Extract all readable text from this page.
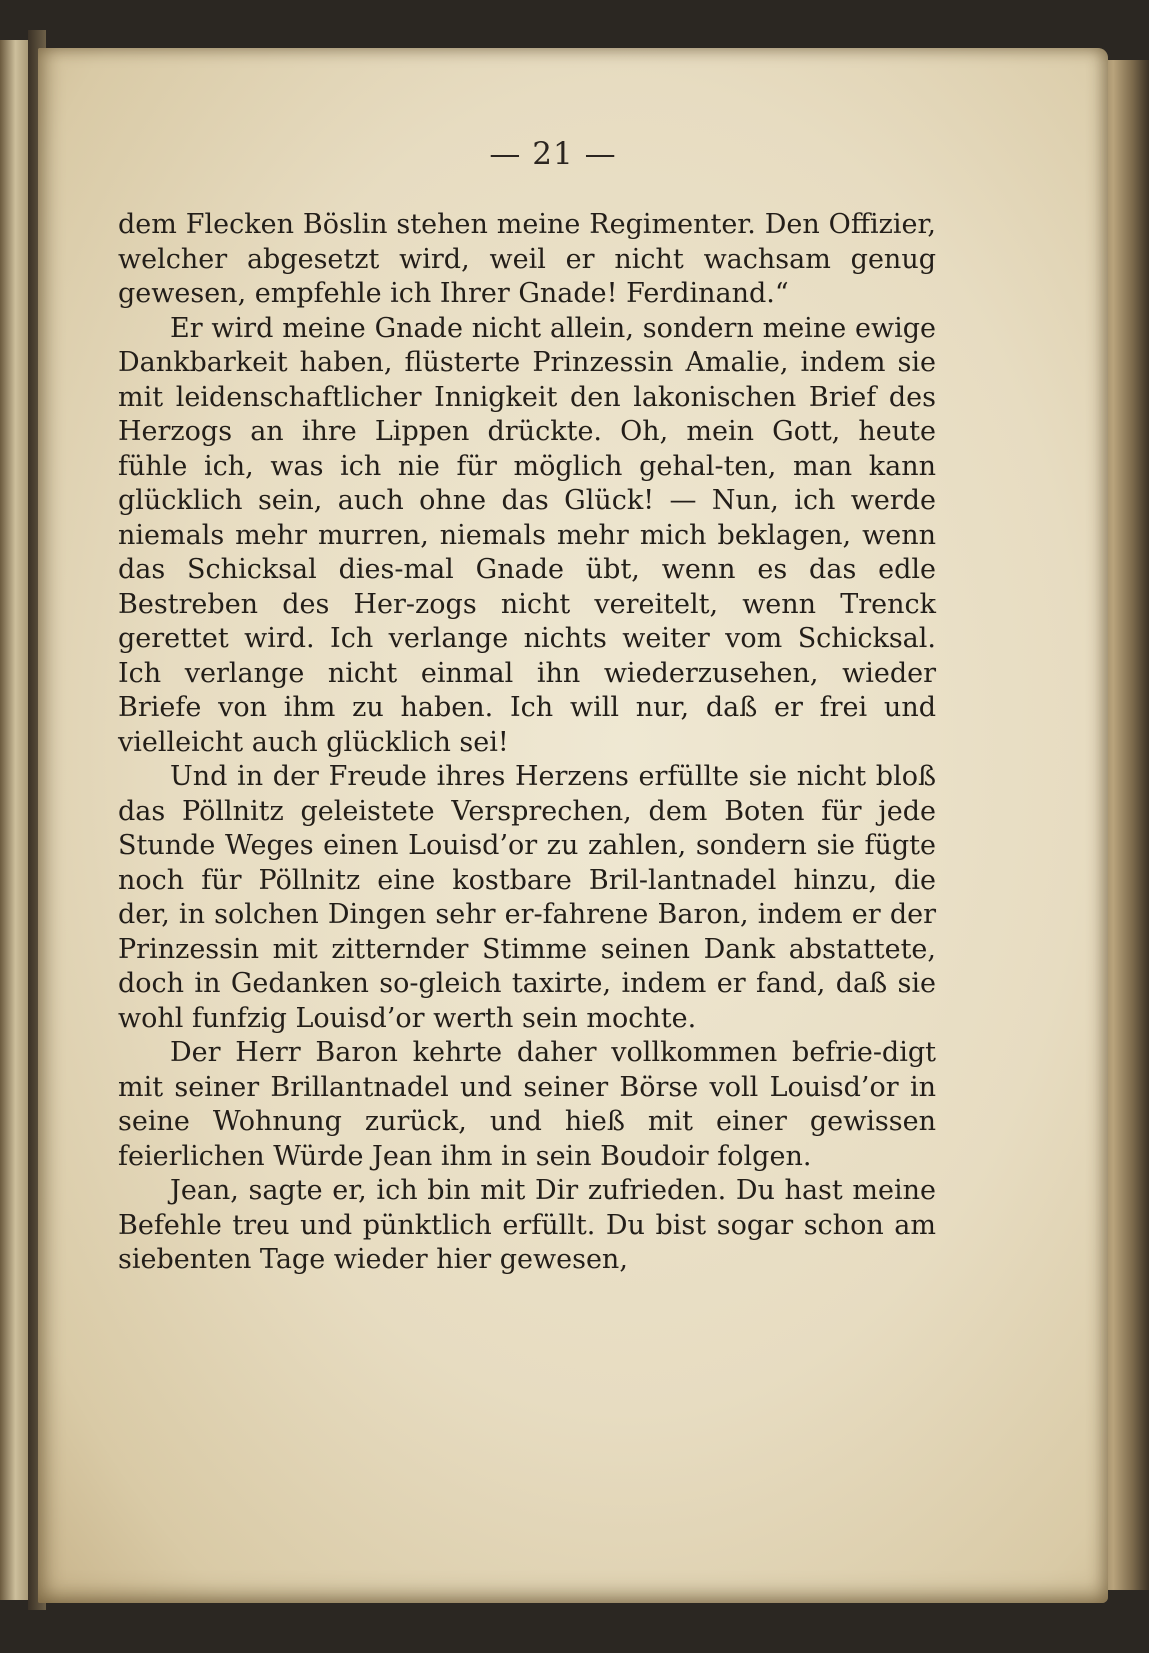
— 21 —

dem Flecken Böslin stehen meine Regimenter. Den Offizier, welcher abgesetzt wird, weil er nicht wachsam genug gewesen, empfehle ich Ihrer Gnade! Ferdinand.“

Er wird meine Gnade nicht allein, sondern meine ewige Dankbarkeit haben, flüsterte Prinzessin Amalie, indem sie mit leidenschaftlicher Innigkeit den lakonischen Brief des Herzogs an ihre Lippen drückte. Oh, mein Gott, heute fühle ich, was ich nie für möglich gehal-ten, man kann glücklich sein, auch ohne das Glück! — Nun, ich werde niemals mehr murren, niemals mehr mich beklagen, wenn das Schicksal dies-mal Gnade übt, wenn es das edle Bestreben des Her-zogs nicht vereitelt, wenn Trenck gerettet wird. Ich verlange nichts weiter vom Schicksal. Ich verlange nicht einmal ihn wiederzusehen, wieder Briefe von ihm zu haben. Ich will nur, daß er frei und vielleicht auch glücklich sei!

Und in der Freude ihres Herzens erfüllte sie nicht bloß das Pöllnitz geleistete Versprechen, dem Boten für jede Stunde Weges einen Louisd’or zu zahlen, sondern sie fügte noch für Pöllnitz eine kostbare Bril-lantnadel hinzu, die der, in solchen Dingen sehr er-fahrene Baron, indem er der Prinzessin mit zitternder Stimme seinen Dank abstattete, doch in Gedanken so-gleich taxirte, indem er fand, daß sie wohl funfzig Louisd’or werth sein mochte.

Der Herr Baron kehrte daher vollkommen befrie-digt mit seiner Brillantnadel und seiner Börse voll Louisd’or in seine Wohnung zurück, und hieß mit einer gewissen feierlichen Würde Jean ihm in sein Boudoir folgen.

Jean, sagte er, ich bin mit Dir zufrieden. Du hast meine Befehle treu und pünktlich erfüllt. Du bist sogar schon am siebenten Tage wieder hier gewesen,
